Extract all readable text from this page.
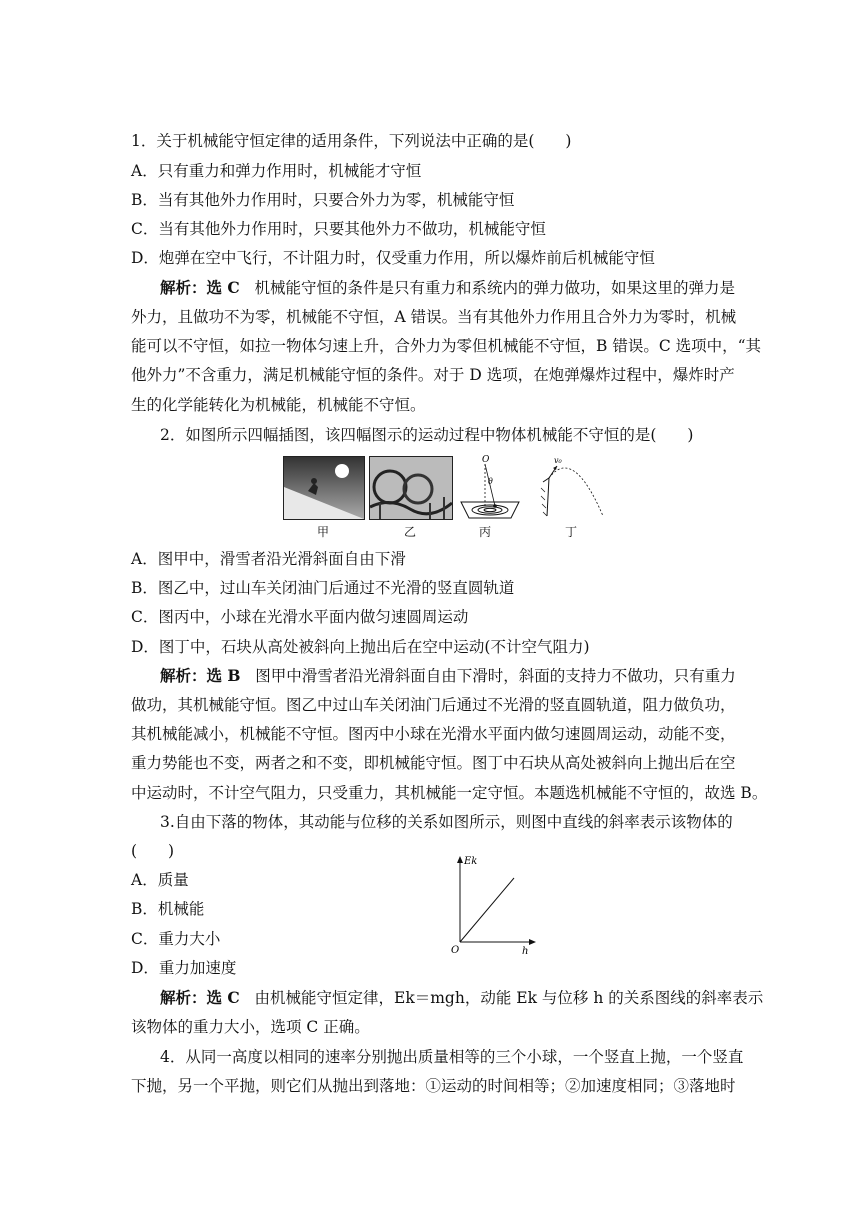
1．关于机械能守恒定律的适用条件，下列说法中正确的是(　　)
A．只有重力和弹力作用时，机械能才守恒
B．当有其他外力作用时，只要合外力为零，机械能守恒
C．当有其他外力作用时，只要其他外力不做功，机械能守恒
D．炮弹在空中飞行，不计阻力时，仅受重力作用，所以爆炸前后机械能守恒
解析：选 C 机械能守恒的条件是只有重力和系统内的弹力做功，如果这里的弹力是
外力，且做功不为零，机械能不守恒，A 错误。当有其他外力作用且合外力为零时，机械
能可以不守恒，如拉一物体匀速上升，合外力为零但机械能不守恒，B 错误。C 选项中，“其
他外力”不含重力，满足机械能守恒的条件。对于 D 选项，在炮弹爆炸过程中，爆炸时产
生的化学能转化为机械能，机械能不守恒。
2．如图所示四幅插图，该四幅图示的运动过程中物体机械能不守恒的是(　　)
O
θ
v₀
甲	乙	丙	丁
A．图甲中，滑雪者沿光滑斜面自由下滑
B．图乙中，过山车关闭油门后通过不光滑的竖直圆轨道
C．图丙中，小球在光滑水平面内做匀速圆周运动
D．图丁中，石块从高处被斜向上抛出后在空中运动(不计空气阻力)
解析：选 B 图甲中滑雪者沿光滑斜面自由下滑时，斜面的支持力不做功，只有重力
做功，其机械能守恒。图乙中过山车关闭油门后通过不光滑的竖直圆轨道，阻力做负功，
其机械能减小，机械能不守恒。图丙中小球在光滑水平面内做匀速圆周运动，动能不变，
重力势能也不变，两者之和不变，即机械能守恒。图丁中石块从高处被斜向上抛出后在空
中运动时，不计空气阻力，只受重力，其机械能一定守恒。本题选机械能不守恒的，故选 B。
3.自由下落的物体，其动能与位移的关系如图所示，则图中直线的斜率表示该物体的
(　　)
A．质量
B．机械能
C．重力大小
D．重力加速度
Ek
h
O
解析：选 C 由机械能守恒定律，Ek＝mgh，动能 Ek 与位移 h 的关系图线的斜率表示
该物体的重力大小，选项 C 正确。
4．从同一高度以相同的速率分别抛出质量相等的三个小球，一个竖直上抛，一个竖直
下抛，另一个平抛，则它们从抛出到落地：①运动的时间相等；②加速度相同；③落地时
